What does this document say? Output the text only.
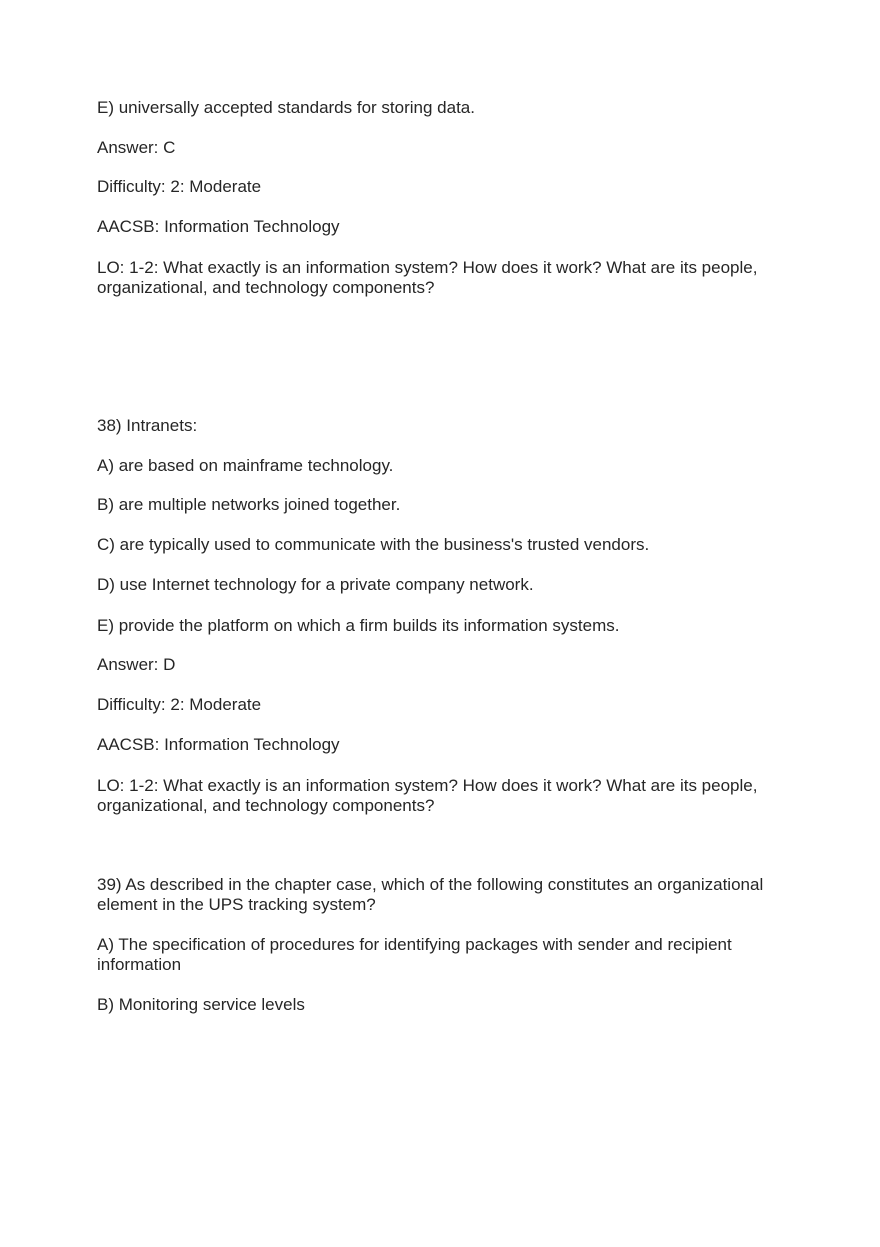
E) universally accepted standards for storing data.

Answer: C

Difficulty: 2: Moderate

AACSB: Information Technology

LO: 1-2: What exactly is an information system? How does it work? What are its people, organizational, and technology components?

38) Intranets:

A) are based on mainframe technology.

B) are multiple networks joined together.

C) are typically used to communicate with the business's trusted vendors.

D) use Internet technology for a private company network.

E) provide the platform on which a firm builds its information systems.

Answer: D

Difficulty: 2: Moderate

AACSB: Information Technology

LO: 1-2: What exactly is an information system? How does it work? What are its people, organizational, and technology components?

39) As described in the chapter case, which of the following constitutes an organizational element in the UPS tracking system?

A) The specification of procedures for identifying packages with sender and recipient information

B) Monitoring service levels
